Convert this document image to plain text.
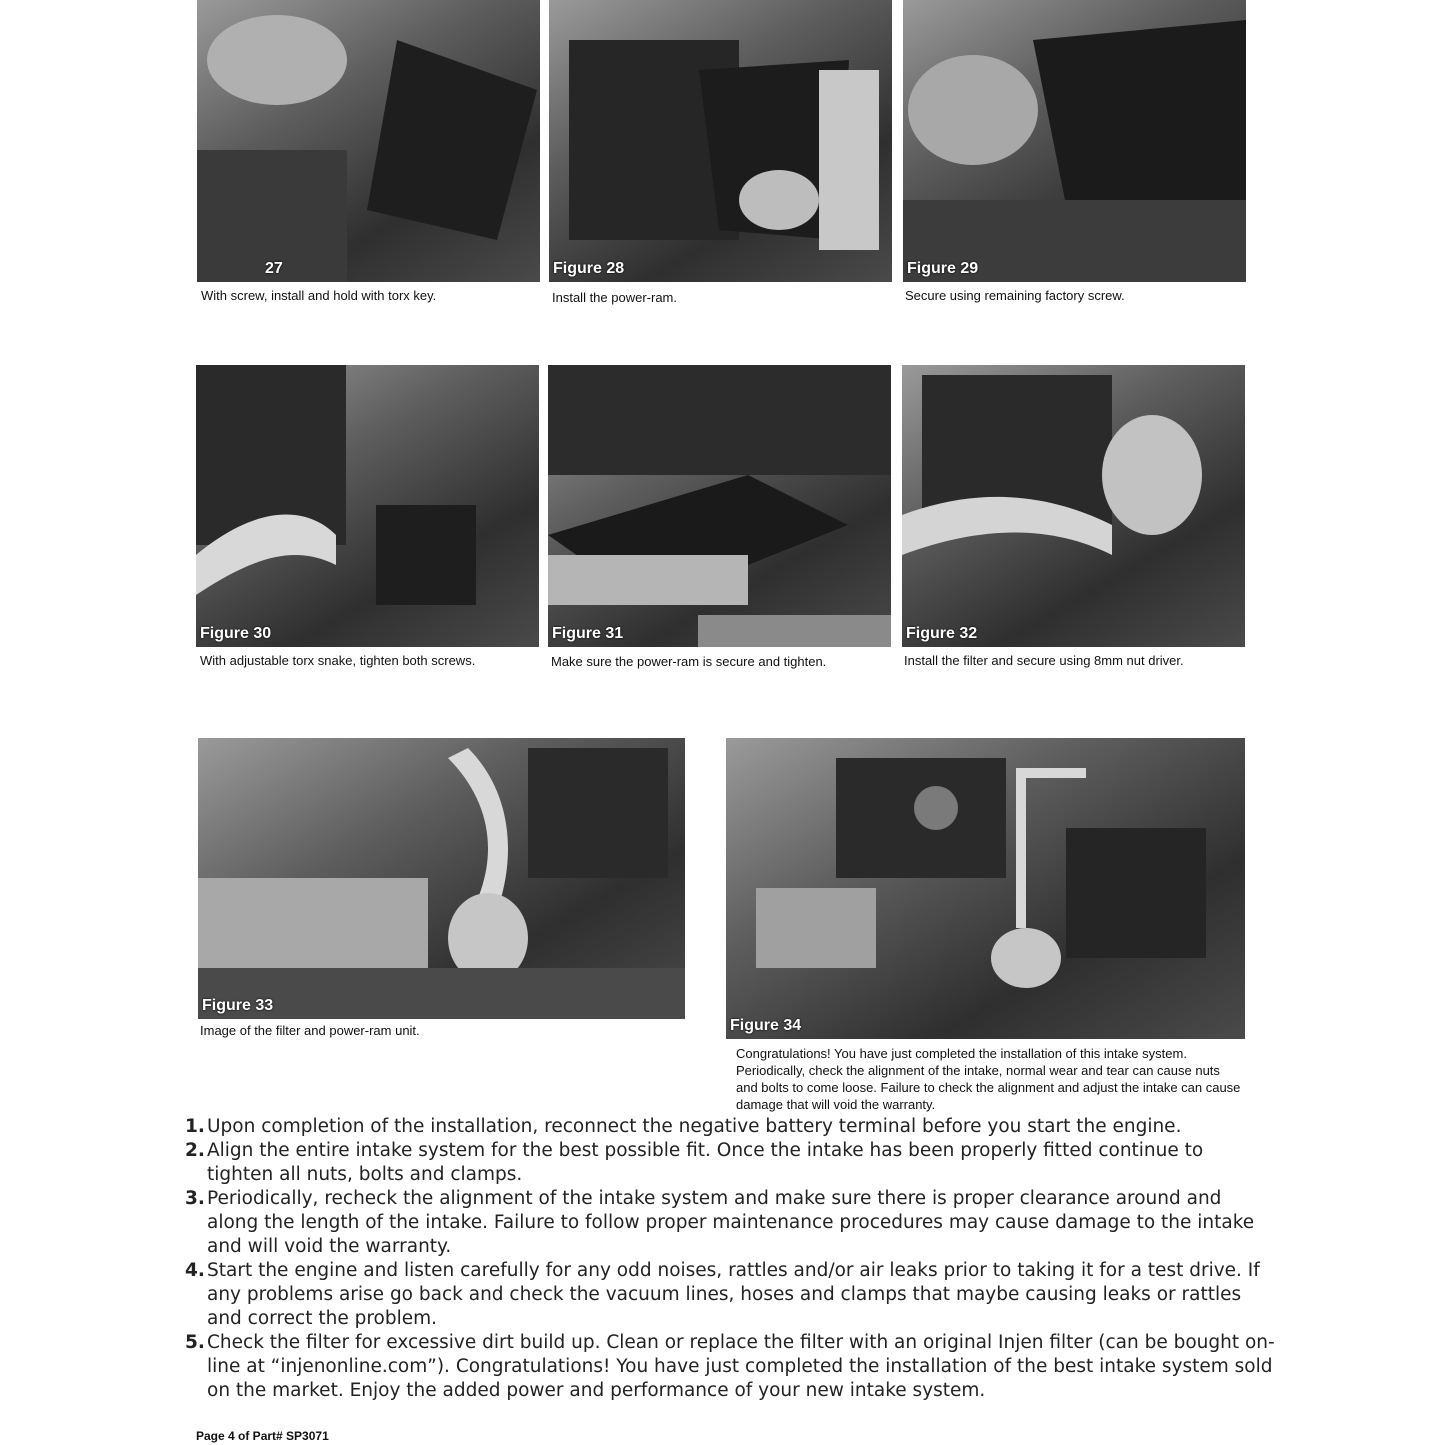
27
With screw, install and hold with torx key.
Figure 28
Install the power-ram.
Figure 29
Secure using remaining factory screw.
Figure 30
With adjustable torx snake, tighten both screws.
Figure 31
Make sure the power-ram is secure and tighten.
Figure 32
Install the filter and secure using 8mm nut driver.
Figure 33
Image of the filter and power-ram unit.	Figure 34
Congratulations! You have just completed the installation of this intake system. Periodically, check the alignment of the intake, normal wear and tear can cause nuts and bolts to come loose. Failure to check the alignment and adjust the intake can cause damage that will void the warranty.
1. Upon completion of the installation, reconnect the negative battery terminal before you start the engine.
2. Align the entire intake system for the best possible fit. Once the intake has been properly fitted continue to tighten all nuts, bolts and clamps.
3. Periodically, recheck the alignment of the intake system and make sure there is proper clearance around and along the length of the intake. Failure to follow proper maintenance procedures may cause damage to the intake and will void the warranty.
4. Start the engine and listen carefully for any odd noises, rattles and/or air leaks prior to taking it for a test drive. If any problems arise go back and check the vacuum lines, hoses and clamps that maybe causing leaks or rattles and correct the problem.
5. Check the filter for excessive dirt build up. Clean or replace the filter with an original Injen filter (can be bought on-line at “injenonline.com”). Congratulations! You have just completed the installation of the best intake system sold on the market. Enjoy the added power and performance of your new intake system.
Page 4 of Part# SP3071
